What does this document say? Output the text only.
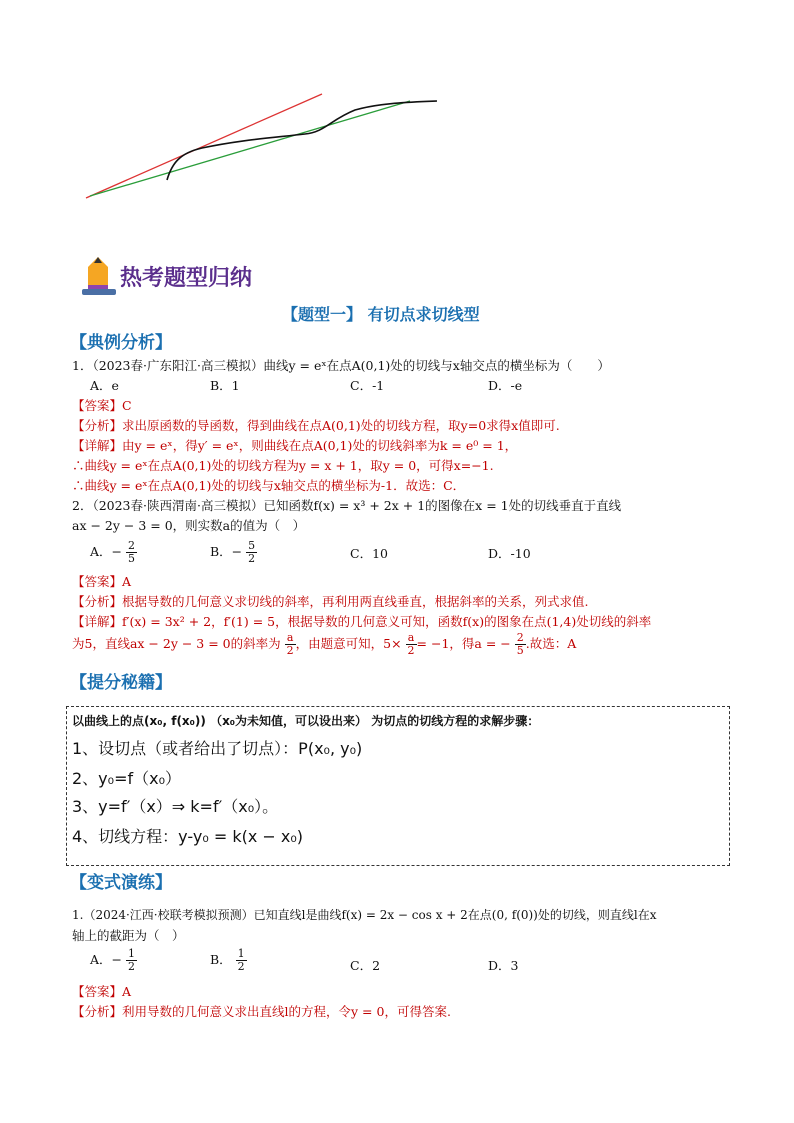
热考题型归纳
【题型一】 有切点求切线型
【典例分析】
1．（2023春·广东阳江·高三模拟）曲线y = eˣ在点A(0,1)处的切线与x轴交点的横坐标为（　　）
A．e	B．1	C．-1	D．-e
【答案】C
【分析】求出原函数的导函数，得到曲线在点A(0,1)处的切线方程，取y=0求得x值即可.
【详解】由y = eˣ，得y′ = eˣ，则曲线在点A(0,1)处的切线斜率为k = e⁰ = 1，
∴曲线y = eˣ在点A(0,1)处的切线方程为y = x + 1，取y = 0，可得x=−1.
∴曲线y = eˣ在点A(0,1)处的切线与x轴交点的横坐标为-1．故选：C．
2．（2023春·陕西渭南·高三模拟）已知函数f(x) = x³ + 2x + 1的图像在x = 1处的切线垂直于直线
ax − 2y − 3 = 0，则实数a的值为（　）
A．− $\frac{2}{5}$	B．− $\frac{5}{2}$	C．10	D．-10
【答案】A
【分析】根据导数的几何意义求切线的斜率，再利用两直线垂直，根据斜率的关系，列式求值.
【详解】f′(x) = 3x² + 2，f′(1) = 5，根据导数的几何意义可知，函数f(x)的图象在点(1,4)处切线的斜率
为5，直线ax − 2y − 3 = 0的斜率为 $\frac{a}{2}$ ，由题意可知，$5\times \frac{a}{2} = -1$，得a = − $\frac{2}{5}$ .故选：A
【提分秘籍】
以曲线上的点(x₀, f(x₀)) （x₀为未知值，可以设出来） 为切点的切线方程的求解步骤：
1、设切点（或者给出了切点）：P(x₀, y₀)
2、y₀=f（x₀）
3、y=f′（x）⇒ k=f′（x₀）。
4、切线方程：y-y₀ = k(x − x₀)
【变式演练】
1.（2024·江西·校联考模拟预测）已知直线l是曲线f(x) = 2x − cos x + 2在点(0, f(0))处的切线，则直线l在x
轴上的截距为（　）
A．− $\frac{1}{2}$	B． $\frac{1}{2}$	C．2	D．3
【答案】A
【分析】利用导数的几何意义求出直线l的方程，令y = 0，可得答案.
